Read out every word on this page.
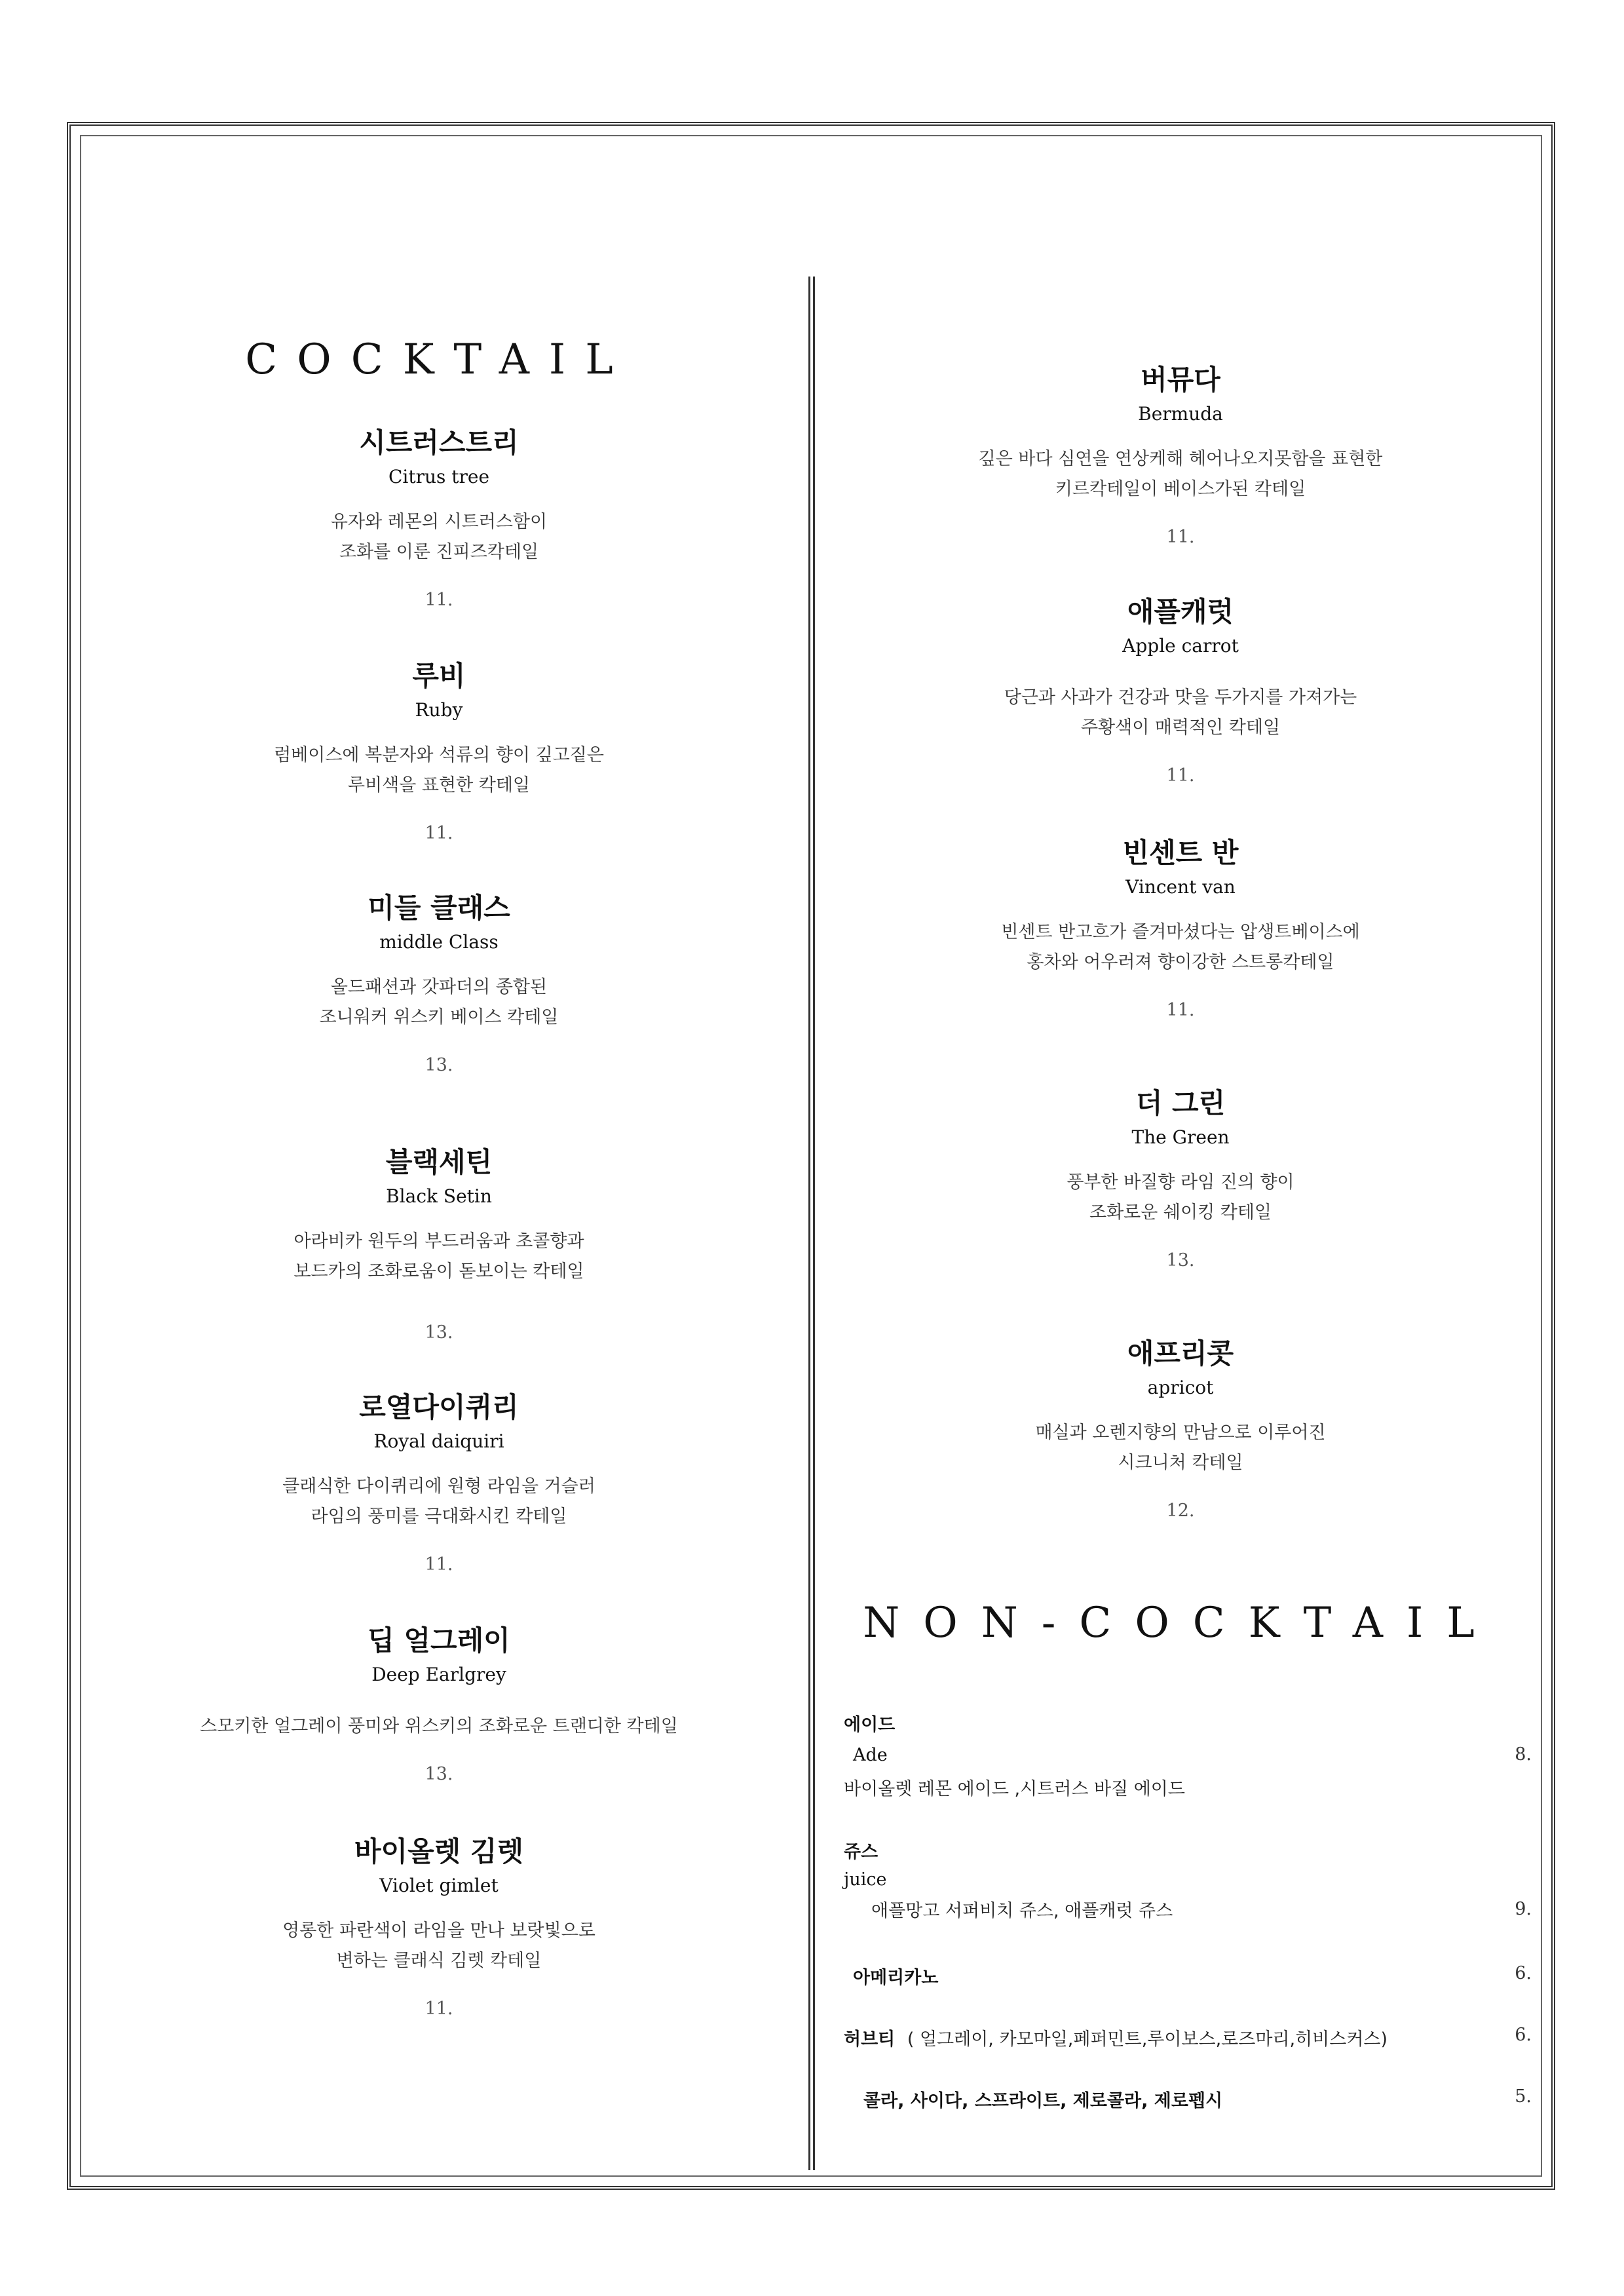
COCKTAIL
시트러스트리
Citrus tree
유자와 레몬의 시트러스함이
조화를 이룬 진피즈칵테일
11.
루비
Ruby
럼베이스에 복분자와 석류의 향이 깊고짙은
루비색을 표현한 칵테일
11.
미들 클래스
middle Class
올드패션과 갓파더의 종합된
조니워커 위스키 베이스 칵테일
13.
블랙세틴
Black Setin
아라비카 원두의 부드러움과 초콜향과
보드카의 조화로움이 돋보이는 칵테일
13.
로열다이퀴리
Royal daiquiri
클래식한 다이퀴리에 원형 라임을 거슬러
라임의 풍미를 극대화시킨 칵테일
11.
딥 얼그레이
Deep Earlgrey
스모키한 얼그레이 풍미와 위스키의 조화로운 트랜디한 칵테일
13.
바이올렛 김렛
Violet gimlet
영롱한 파란색이 라임을 만나 보랏빛으로
변하는 클래식 김렛 칵테일
11.
버뮤다
Bermuda
깊은 바다 심연을 연상케해 헤어나오지못함을 표현한
키르칵테일이 베이스가된 칵테일
11.
애플캐럿
Apple carrot
당근과 사과가 건강과 맛을 두가지를 가져가는
주황색이 매력적인 칵테일
11.
빈센트 반
Vincent van
빈센트 반고흐가 즐겨마셨다는 압생트베이스에
홍차와 어우러져 향이강한 스트롱칵테일
11.
더 그린
The Green
풍부한 바질향 라임 진의 향이
조화로운 쉐이킹 칵테일
13.
애프리콧
apricot
매실과 오렌지향의 만남으로 이루어진
시크니처 칵테일
12.
NON-COCKTAIL
에이드
Ade	8.
바이올렛 레몬 에이드 ,시트러스 바질 에이드
쥬스
juice
애플망고 서퍼비치 쥬스, 애플캐럿 쥬스	9.
아메리카노	6.
허브티 ( 얼그레이, 카모마일,페퍼민트,루이보스,로즈마리,히비스커스)	6.
콜라, 사이다, 스프라이트, 제로콜라, 제로펩시	5.
